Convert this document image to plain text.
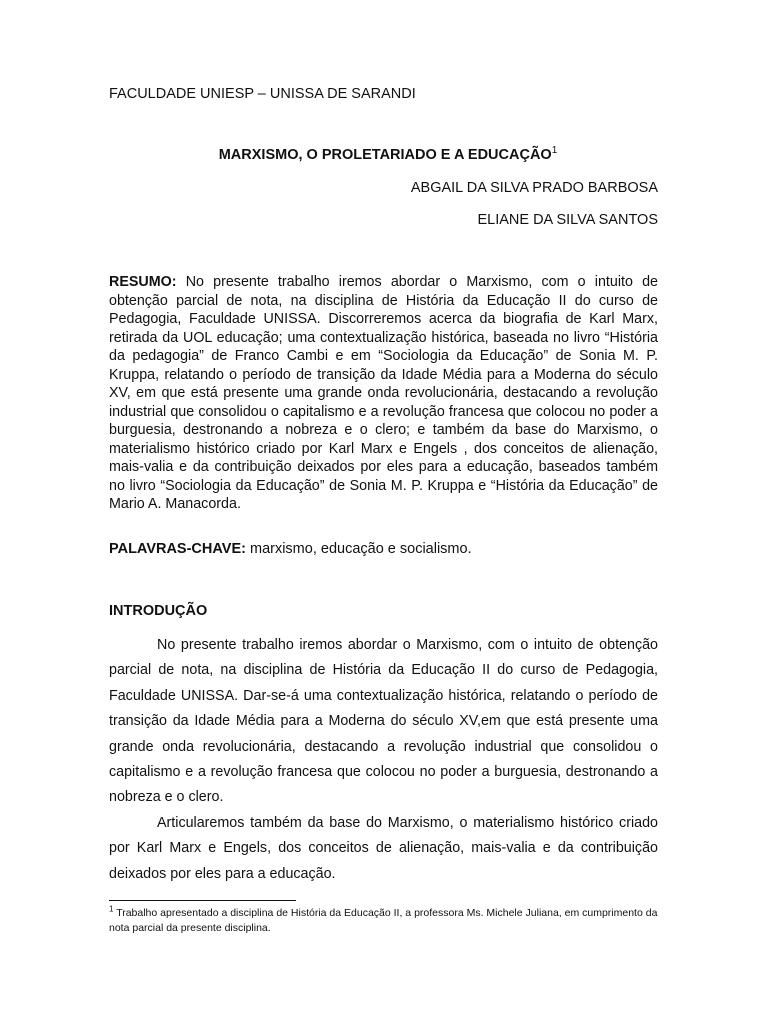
FACULDADE UNIESP – UNISSA DE SARANDI
MARXISMO, O PROLETARIADO E A EDUCAÇÃO$^1$
ABGAIL DA SILVA PRADO BARBOSA
ELIANE DA SILVA SANTOS

RESUMO: No presente trabalho iremos abordar o Marxismo, com o intuito de obtenção parcial de nota, na disciplina de História da Educação II do curso de Pedagogia, Faculdade UNISSA. Discorreremos acerca da biografia de Karl Marx, retirada da UOL educação; uma contextualização histórica, baseada no livro “História da pedagogia” de Franco Cambi e em “Sociologia da Educação” de Sonia M. P. Kruppa, relatando o período de transição da Idade Média para a Moderna do século XV, em que está presente uma grande onda revolucionária, destacando a revolução industrial que consolidou o capitalismo e a revolução francesa que colocou no poder a burguesia, destronando a nobreza e o clero; e também da base do Marxismo, o materialismo histórico criado por Karl Marx e Engels , dos conceitos de alienação, mais-valia e da contribuição deixados por eles para a educação, baseados também no livro “Sociologia da Educação” de Sonia M. P. Kruppa e “História da Educação” de Mario A. Manacorda.

PALAVRAS-CHAVE: marxismo, educação e socialismo.
INTRODUÇÃO

No presente trabalho iremos abordar o Marxismo, com o intuito de obtenção parcial de nota, na disciplina de História da Educação II do curso de Pedagogia, Faculdade UNISSA. Dar-se-á uma contextualização histórica, relatando o período de transição da Idade Média para a Moderna do século XV,em que está presente uma grande onda revolucionária, destacando a revolução industrial que consolidou o capitalismo e a revolução francesa que colocou no poder a burguesia, destronando a nobreza e o clero.

Articularemos também da base do Marxismo, o materialismo histórico criado por Karl Marx e Engels, dos conceitos de alienação, mais-valia e da contribuição deixados por eles para a educação.

$^1$ Trabalho apresentado a disciplina de História da Educação II, a professora Ms. Michele Juliana, em cumprimento da nota parcial da presente disciplina.
